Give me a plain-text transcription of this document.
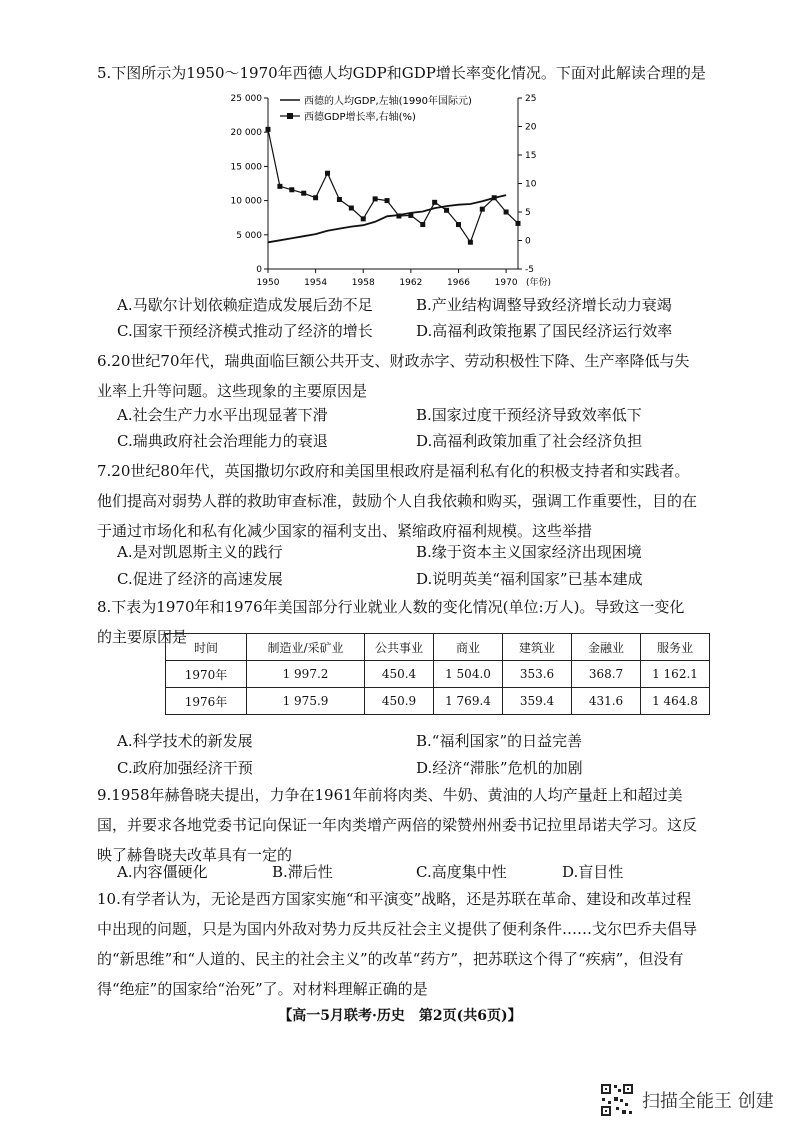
5.下图所示为1950～1970年西德人均GDP和GDP增长率变化情况。下面对此解读合理的是
25 000
20 000
15 000
10 000
5 000
0
25
20
15
10
5
0
-5
1950	1954	1958	1962	1966	1970 (年份)
西德的人均GDP,左轴(1990年国际元)
西德GDP增长率,右轴(%)
A.马歇尔计划依赖症造成发展后劲不足	B.产业结构调整导致经济增长动力衰竭
C.国家干预经济模式推动了经济的增长	D.高福利政策拖累了国民经济运行效率
6.20世纪70年代，瑞典面临巨额公共开支、财政赤字、劳动积极性下降、生产率降低与失业率上升等问题。这些现象的主要原因是
A.社会生产力水平出现显著下滑	B.国家过度干预经济导致效率低下
C.瑞典政府社会治理能力的衰退	D.高福利政策加重了社会经济负担
7.20世纪80年代，英国撒切尔政府和美国里根政府是福利私有化的积极支持者和实践者。他们提高对弱势人群的救助审查标准，鼓励个人自我依赖和购买，强调工作重要性，目的在于通过市场化和私有化减少国家的福利支出、紧缩政府福利规模。这些举措
A.是对凯恩斯主义的践行	B.缘于资本主义国家经济出现困境
C.促进了经济的高速发展	D.说明英美“福利国家”已基本建成
8.下表为1970年和1976年美国部分行业就业人数的变化情况(单位:万人)。导致这一变化的主要原因是
时间	制造业/采矿业	公共事业	商业	建筑业	金融业	服务业
1970年	1 997.2	450.4	1 504.0	353.6	368.7	1 162.1
1976年	1 975.9	450.9	1 769.4	359.4	431.6	1 464.8
A.科学技术的新发展	B.“福利国家”的日益完善
C.政府加强经济干预	D.经济“滞胀”危机的加剧
9.1958年赫鲁晓夫提出，力争在1961年前将肉类、牛奶、黄油的人均产量赶上和超过美国，并要求各地党委书记向保证一年肉类增产两倍的梁赞州州委书记拉里昂诺夫学习。这反映了赫鲁晓夫改革具有一定的
A.内容僵硬化	B.滞后性	C.高度集中性	D.盲目性
10.有学者认为，无论是西方国家实施“和平演变”战略，还是苏联在革命、建设和改革过程中出现的问题，只是为国内外敌对势力反共反社会主义提供了便利条件……戈尔巴乔夫倡导的“新思维”和“人道的、民主的社会主义”的改革“药方”，把苏联这个得了“疾病”，但没有得“绝症”的国家给“治死”了。对材料理解正确的是
【高一5月联考·历史　第2页(共6页)】
扫描全能王 创建
